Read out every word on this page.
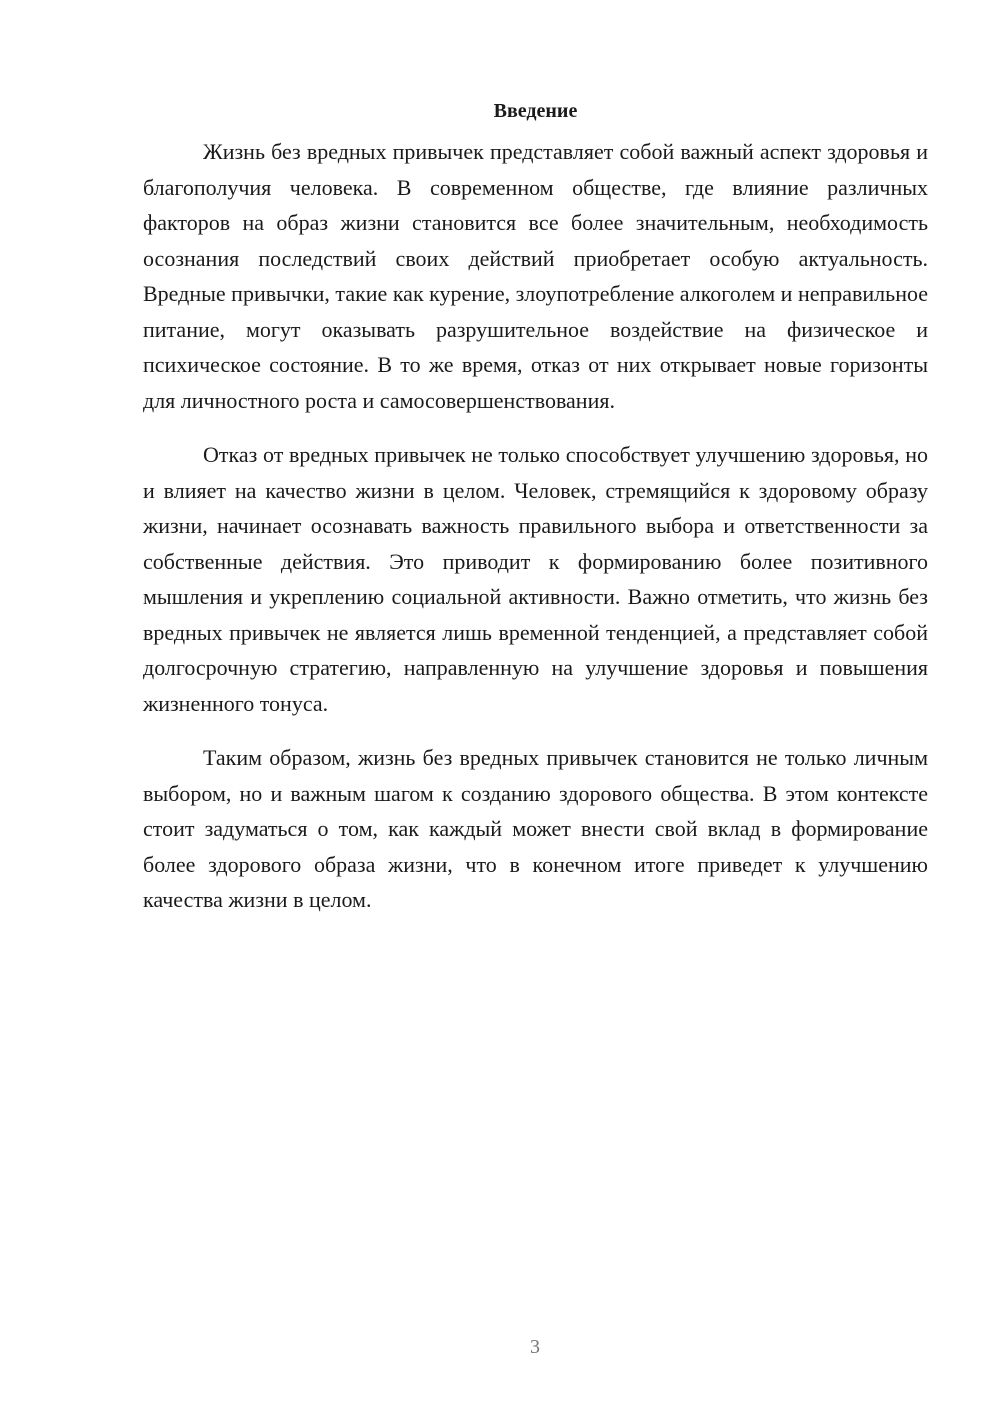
Введение

Жизнь без вредных привычек представляет собой важный аспект здоровья и благополучия человека. В современном обществе, где влияние различных факторов на образ жизни становится все более значительным, необходимость осознания последствий своих действий приобретает особую актуальность. Вредные привычки, такие как курение, злоупотребление алкоголем и неправильное питание, могут оказывать разрушительное воздействие на физическое и психическое состояние. В то же время, отказ от них открывает новые горизонты для личностного роста и самосовершенствования.

Отказ от вредных привычек не только способствует улучшению здоровья, но и влияет на качество жизни в целом. Человек, стремящийся к здоровому образу жизни, начинает осознавать важность правильного выбора и ответственности за собственные действия. Это приводит к формированию более позитивного мышления и укреплению социальной активности. Важно отметить, что жизнь без вредных привычек не является лишь временной тенденцией, а представляет собой долгосрочную стратегию, направленную на улучшение здоровья и повышения жизненного тонуса.

Таким образом, жизнь без вредных привычек становится не только личным выбором, но и важным шагом к созданию здорового общества. В этом контексте стоит задуматься о том, как каждый может внести свой вклад в формирование более здорового образа жизни, что в конечном итоге приведет к улучшению качества жизни в целом.

3
